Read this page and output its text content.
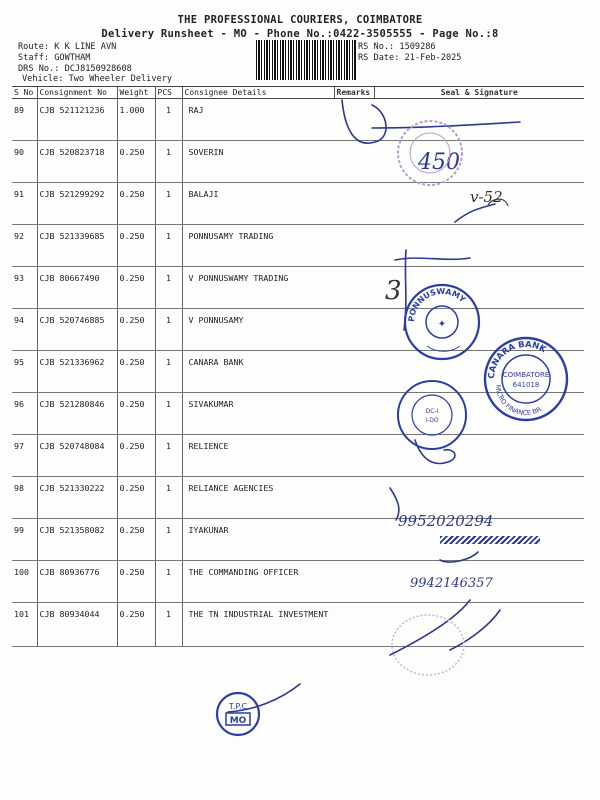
THE PROFESSIONAL COURIERS, COIMBATORE
Delivery Runsheet - MO - Phone No.:0422-3505555 - Page No.:8
Route: K K LINE AVN
Staff: GOWTHAM
DRS No.: DCJ8150928608
Vehicle: Two Wheeler Delivery
RS No.: 1509286
RS Date: 21-Feb-2025
S No	Consignment No	Weight	PCS	Consignee Details	Remarks	Seal & Signature
89	CJB 521121236	1.000	1	RAJ		
90	CJB 520823718	0.250	1	SOVERIN		
91	CJB 521299292	0.250	1	BALAJI		
92	CJB 521339685	0.250	1	PONNUSAMY TRADING		
93	CJB 80667490	0.250	1	V PONNUSWAMY TRADING		
94	CJB 520746885	0.250	1	V PONNUSAMY		
95	CJB 521336962	0.250	1	CANARA BANK		
96	CJB 521280846	0.250	1	SIVAKUMAR		
97	CJB 520748084	0.250	1	RELIENCE		
98	CJB 521330222	0.250	1	RELIANCE AGENCIES		
99	CJB 521358082	0.250	1	IYAKUNAR		
100	CJB 80936776	0.250	1	THE COMMANDING OFFICER		
101	CJB 80934044	0.250	1	THE TN INDUSTRIAL INVESTMENT		
450
v-52
3
9952020294
9942146357
✦
PONNUSWAMY
CANARA BANK
COIMBATORE
641018
MICRO FINANCE BR.
DC-I
I-DO
T.P.C
MO
